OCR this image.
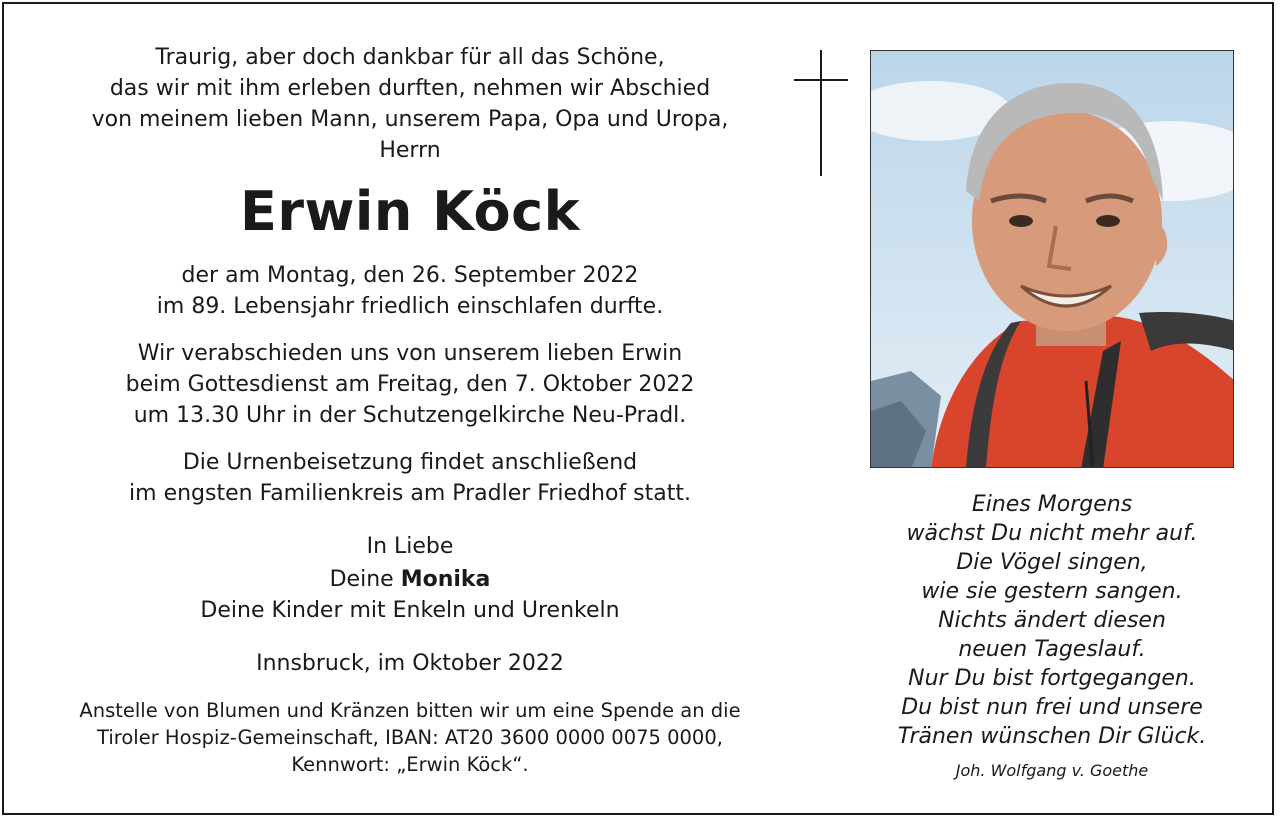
Traurig, aber doch dankbar für all das Schöne,

das wir mit ihm erleben durften, nehmen wir Abschied

von meinem lieben Mann, unserem Papa, Opa und Uropa,

Herrn

Erwin Köck

der am Montag, den 26. September 2022

im 89. Lebensjahr friedlich einschlafen durfte.

Wir verabschieden uns von unserem lieben Erwin

beim Gottesdienst am Freitag, den 7. Oktober 2022

um 13.30 Uhr in der Schutzengelkirche Neu-Pradl.

Die Urnenbeisetzung findet anschließend

im engsten Familienkreis am Pradler Friedhof statt.

In Liebe

Deine Monika

Deine Kinder mit Enkeln und Urenkeln

Innsbruck, im Oktober 2022

Anstelle von Blumen und Kränzen bitten wir um eine Spende an die

Tiroler Hospiz-Gemeinschaft, IBAN: AT20 3600 0000 0075 0000,

Kennwort: „Erwin Köck“.

Eines Morgens
wächst Du nicht mehr auf.
Die Vögel singen,
wie sie gestern sangen.
Nichts ändert diesen
neuen Tageslauf.
Nur Du bist fortgegangen.
Du bist nun frei und unsere
Tränen wünschen Dir Glück.
Joh. Wolfgang v. Goethe
